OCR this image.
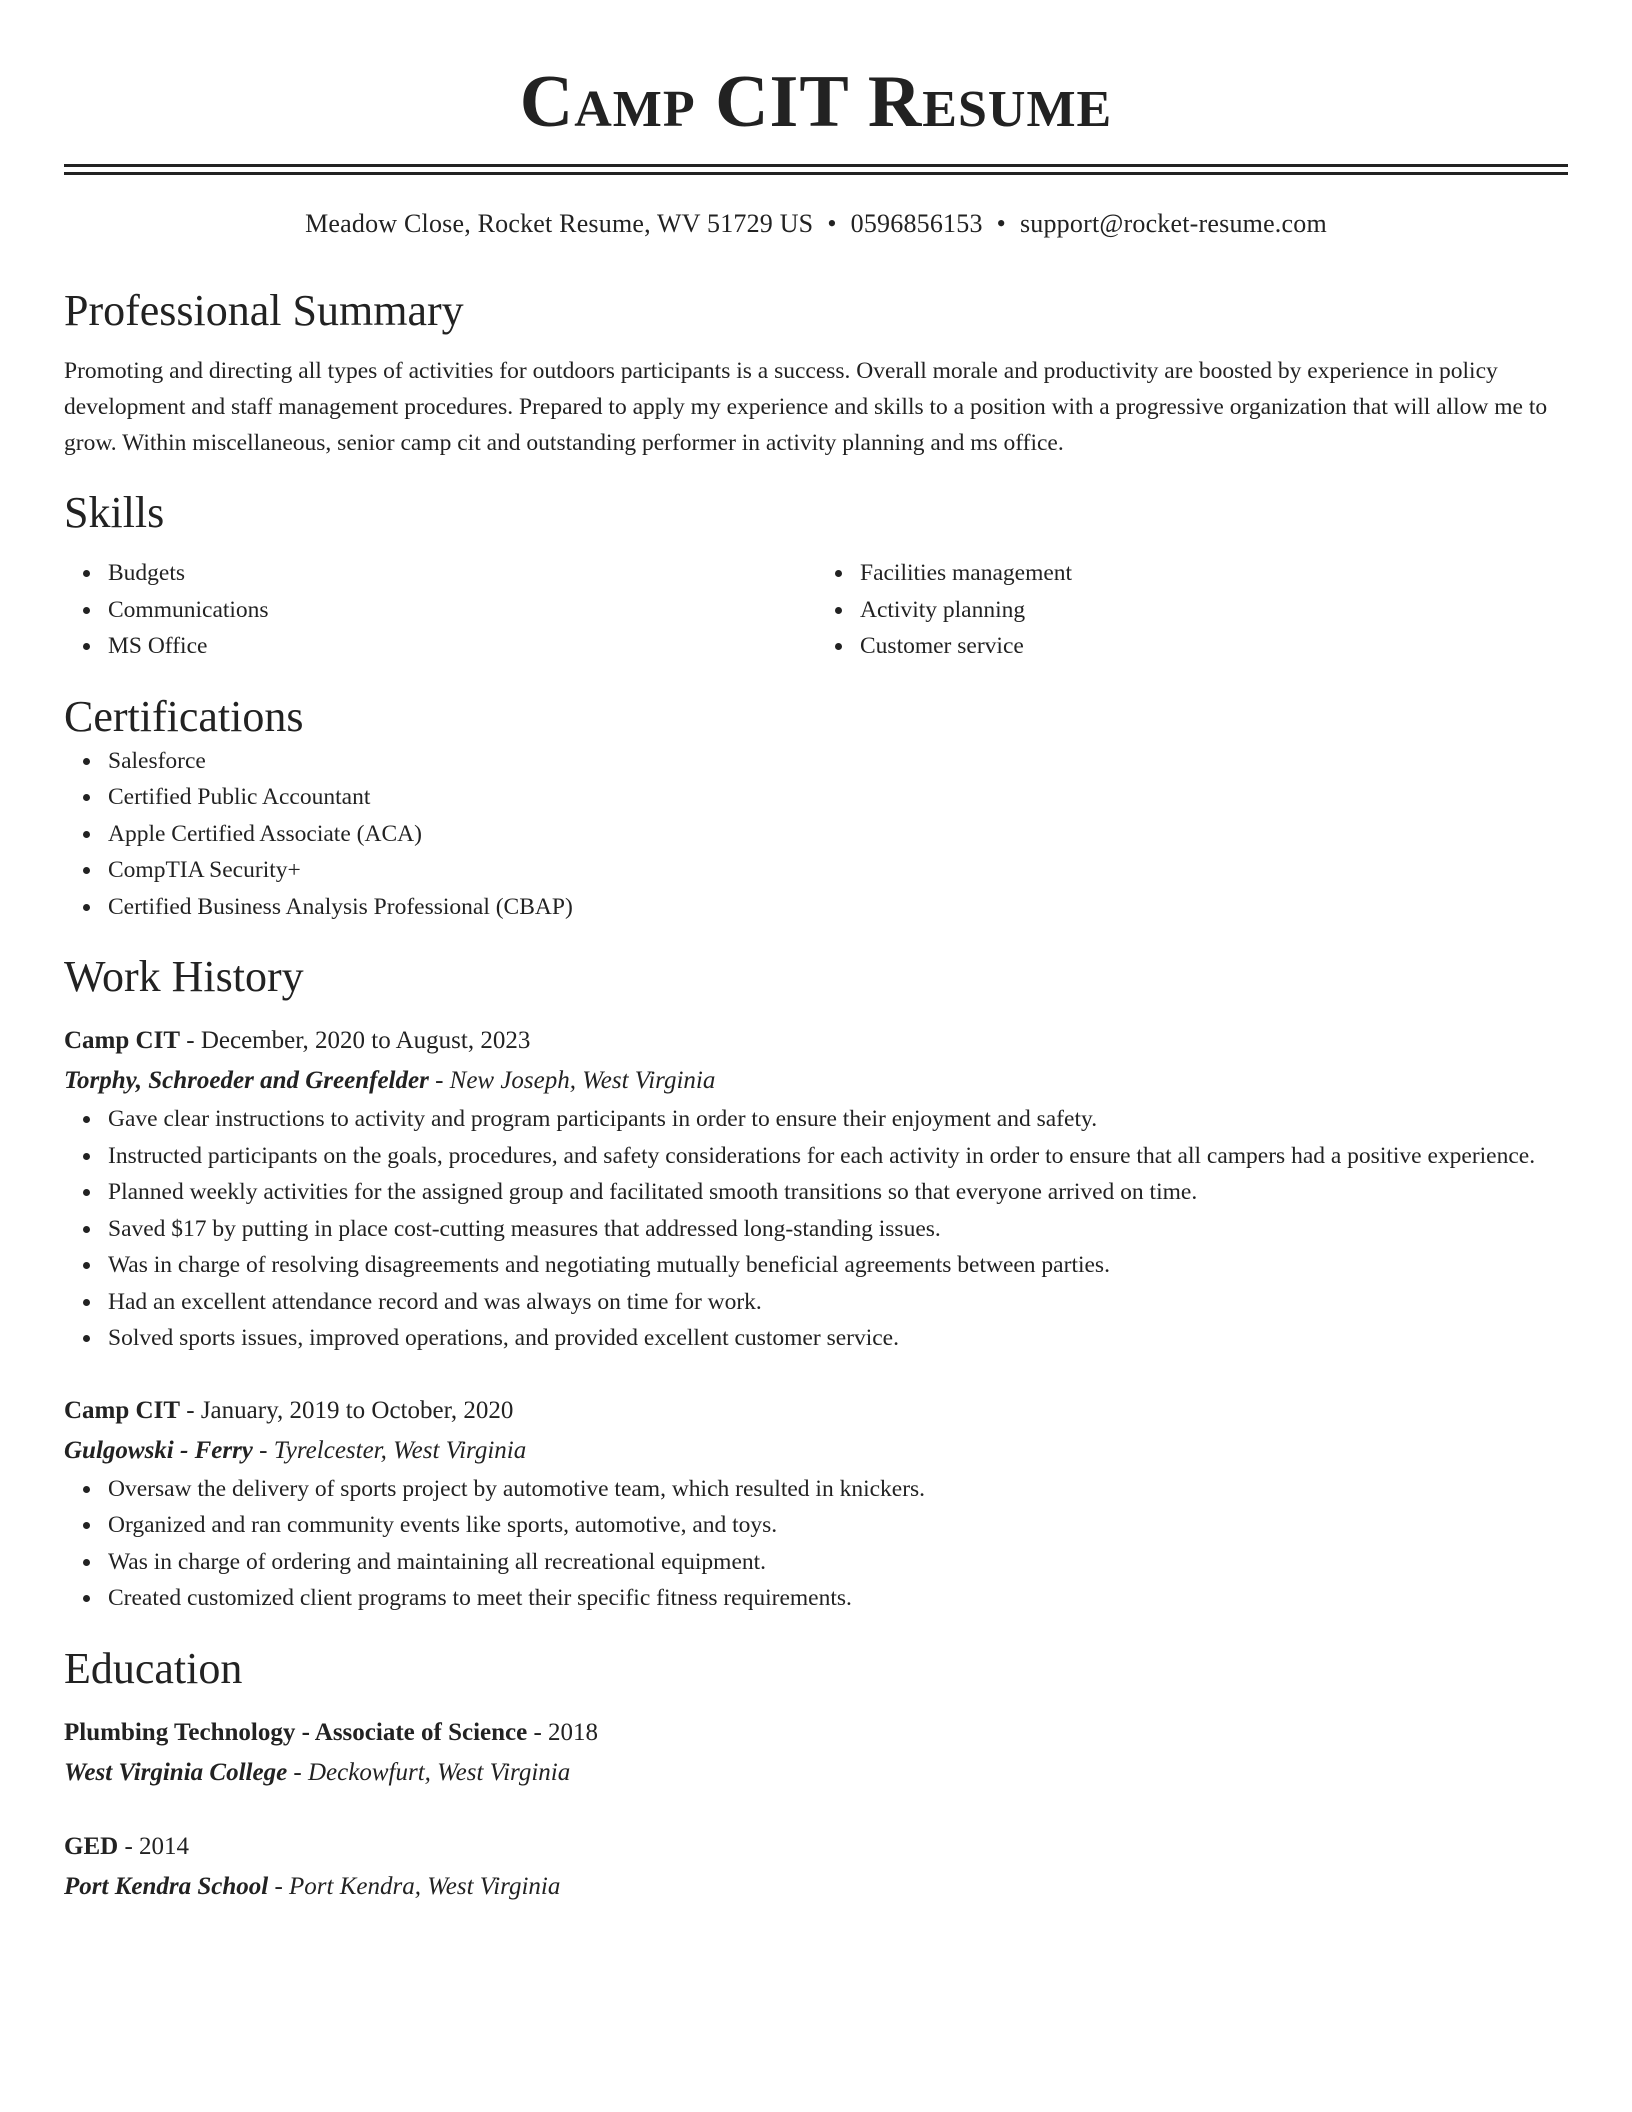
Camp CIT Resume
Meadow Close, Rocket Resume, WV 51729 US • 0596856153 • support@rocket-resume.com
Professional Summary

Promoting and directing all types of activities for outdoors participants is a success. Overall morale and productivity are boosted by experience in policy development and staff management procedures. Prepared to apply my experience and skills to a position with a progressive organization that will allow me to grow. Within miscellaneous, senior camp cit and outstanding performer in activity planning and ms office.

Skills
Budgets
Communications
MS Office
Facilities management
Activity planning
Customer service
Certifications
Salesforce
Certified Public Accountant
Apple Certified Associate (ACA)
CompTIA Security+
Certified Business Analysis Professional (CBAP)
Work History
Camp CIT - December, 2020 to August, 2023
Torphy, Schroeder and Greenfelder - New Joseph, West Virginia
Gave clear instructions to activity and program participants in order to ensure their enjoyment and safety.
Instructed participants on the goals, procedures, and safety considerations for each activity in order to ensure that all campers had a positive experience.
Planned weekly activities for the assigned group and facilitated smooth transitions so that everyone arrived on time.
Saved $17 by putting in place cost-cutting measures that addressed long-standing issues.
Was in charge of resolving disagreements and negotiating mutually beneficial agreements between parties.
Had an excellent attendance record and was always on time for work.
Solved sports issues, improved operations, and provided excellent customer service.
Camp CIT - January, 2019 to October, 2020
Gulgowski - Ferry - Tyrelcester, West Virginia
Oversaw the delivery of sports project by automotive team, which resulted in knickers.
Organized and ran community events like sports, automotive, and toys.
Was in charge of ordering and maintaining all recreational equipment.
Created customized client programs to meet their specific fitness requirements.
Education
Plumbing Technology - Associate of Science - 2018
West Virginia College - Deckowfurt, West Virginia
GED - 2014
Port Kendra School - Port Kendra, West Virginia
